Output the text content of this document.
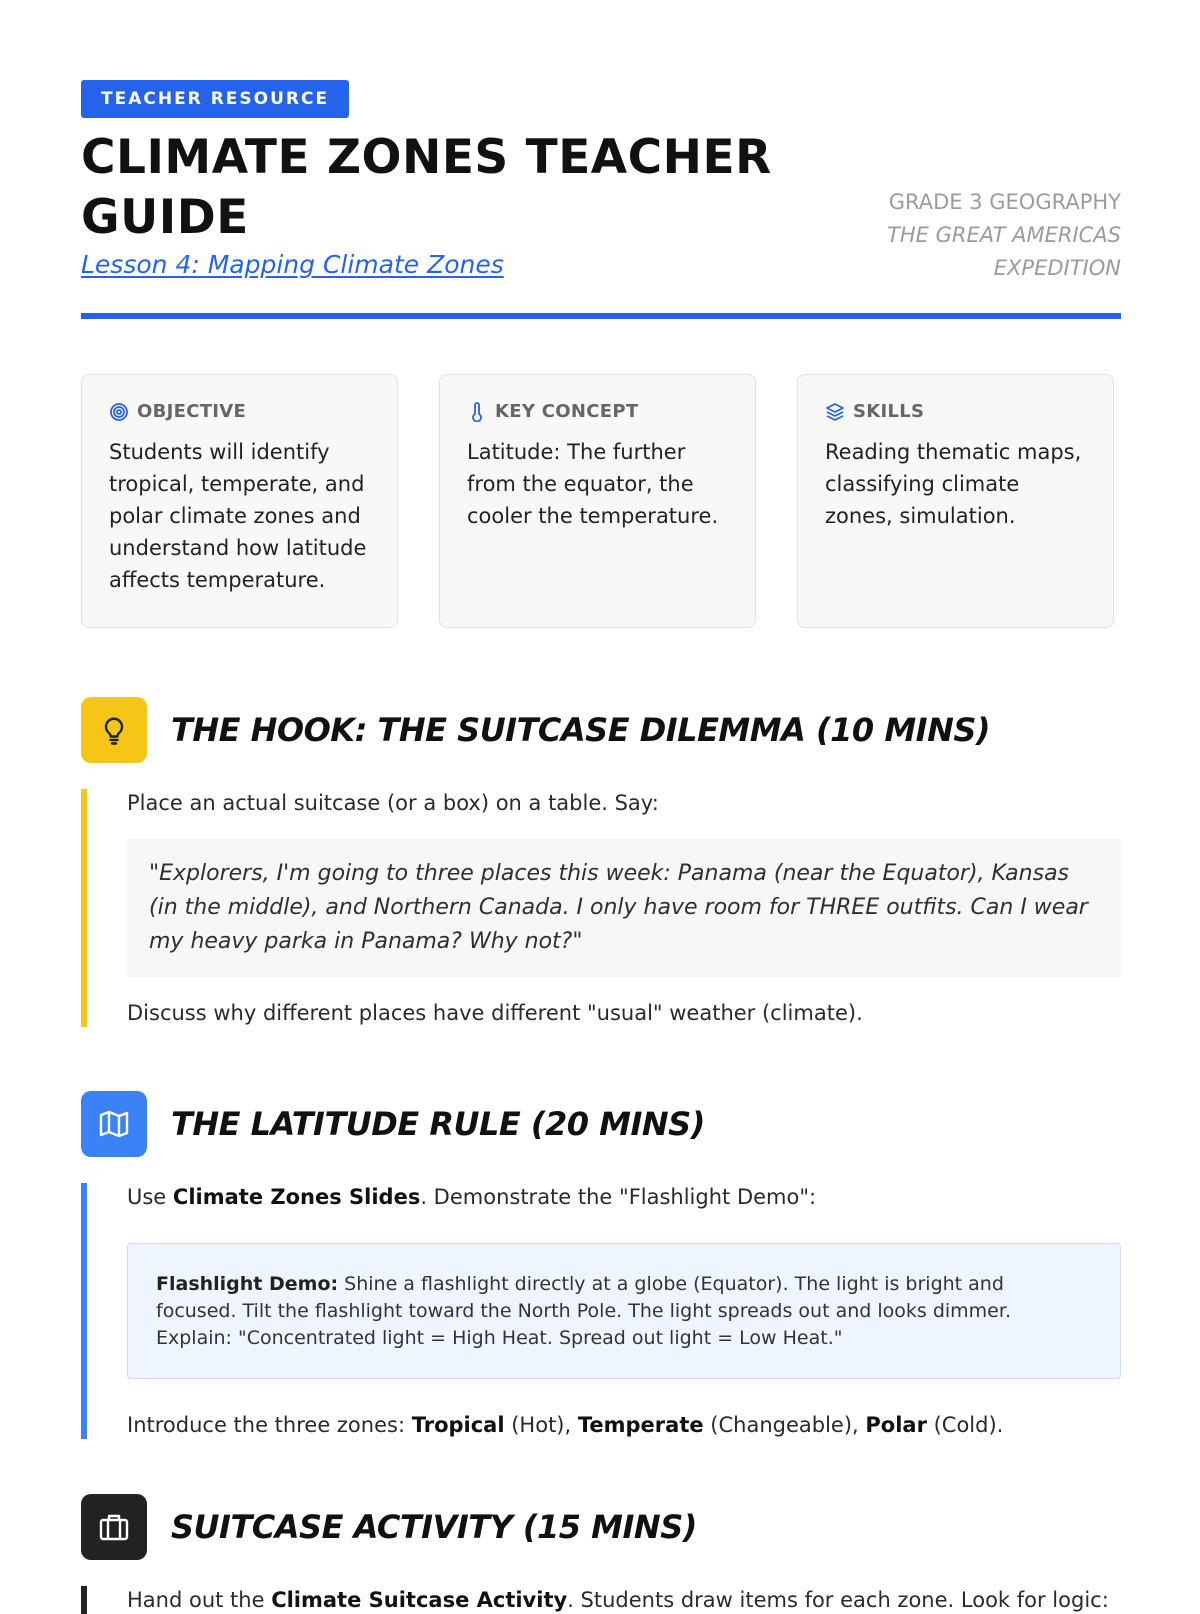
TEACHER RESOURCE
CLIMATE ZONES TEACHER GUIDE
Lesson 4: Mapping Climate Zones
GRADE 3 GEOGRAPHY
THE GREAT AMERICAS EXPEDITION
OBJECTIVE

Students will identify tropical, temperate, and polar climate zones and understand how latitude affects temperature.

KEY CONCEPT

Latitude: The further from the equator, the cooler the temperature.

SKILLS

Reading thematic maps, classifying climate zones, simulation.

THE HOOK: THE SUITCASE DILEMMA (10 MINS)

Place an actual suitcase (or a box) on a table. Say:

"Explorers, I'm going to three places this week: Panama (near the Equator), Kansas (in the middle), and Northern Canada. I only have room for THREE outfits. Can I wear my heavy parka in Panama? Why not?"

Discuss why different places have different "usual" weather (climate).

THE LATITUDE RULE (20 MINS)

Use Climate Zones Slides. Demonstrate the "Flashlight Demo":

Flashlight Demo: Shine a flashlight directly at a globe (Equator). The light is bright and focused. Tilt the flashlight toward the North Pole. The light spreads out and looks dimmer. Explain: "Concentrated light = High Heat. Spread out light = Low Heat."

Introduce the three zones: Tropical (Hot), Temperate (Changeable), Polar (Cold).

SUITCASE ACTIVITY (15 MINS)

Hand out the Climate Suitcase Activity. Students draw items for each zone. Look for logic:
